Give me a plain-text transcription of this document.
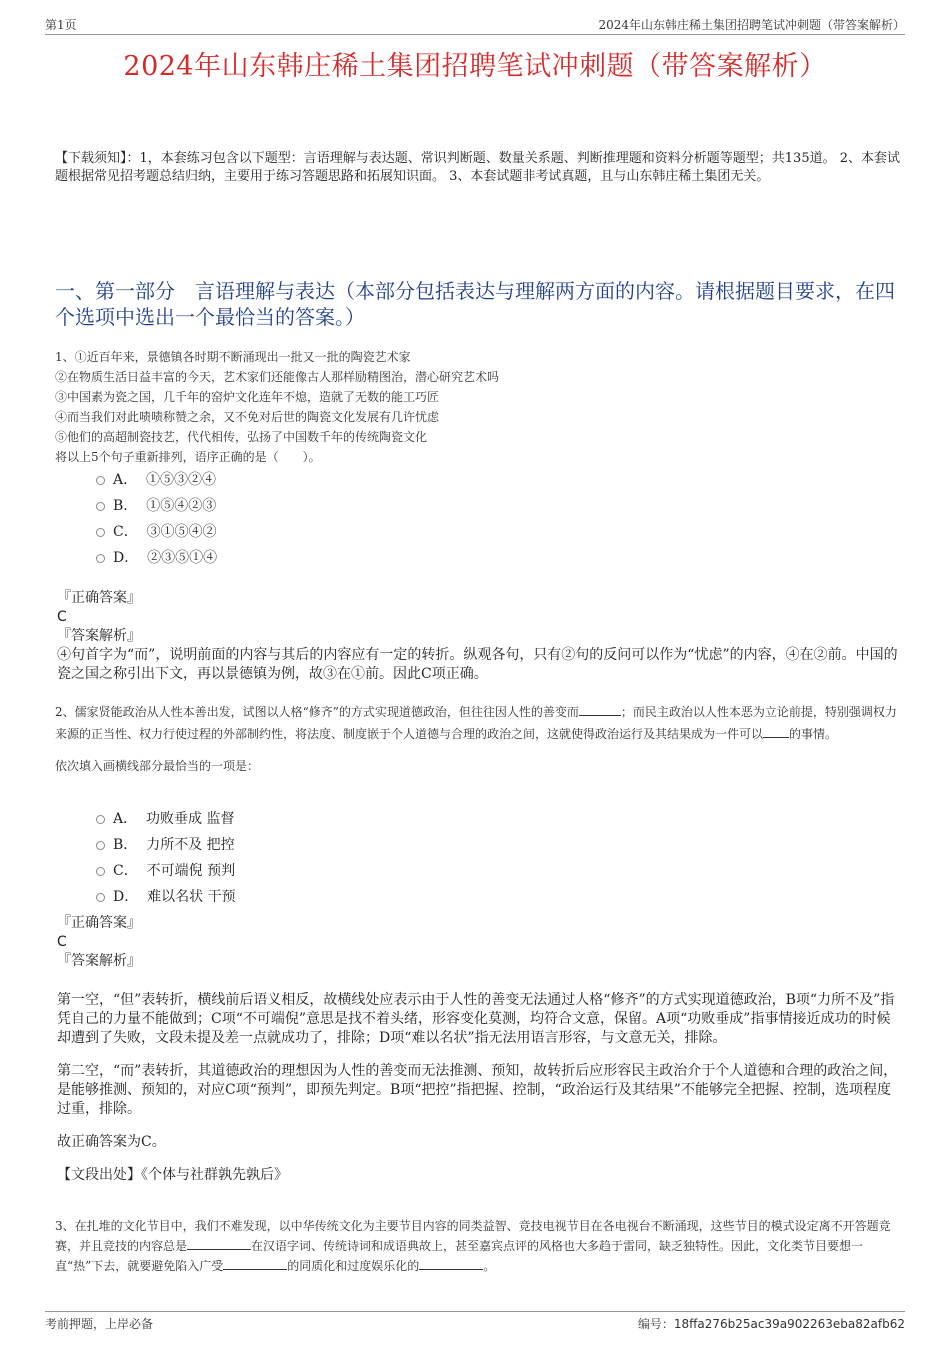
第1页	2024年山东韩庄稀土集团招聘笔试冲刺题（带答案解析）
2024年山东韩庄稀土集团招聘笔试冲刺题（带答案解析）
【下载须知】：1，本套练习包含以下题型：言语理解与表达题、常识判断题、数量关系题、判断推理题和资料分析题等题型；共135道。 2、本套试题根据常见招考题总结归纳，主要用于练习答题思路和拓展知识面。 3、本套试题非考试真题，且与山东韩庄稀土集团无关。
一、第一部分　言语理解与表达（本部分包括表达与理解两方面的内容。请根据题目要求，在四个选项中选出一个最恰当的答案。）

1、①近百年来，景德镇各时期不断涌现出一批又一批的陶瓷艺术家

②在物质生活日益丰富的今天，艺术家们还能像古人那样励精图治，潜心研究艺术吗

③中国素为瓷之国，几千年的窑炉文化连年不熄，造就了无数的能工巧匠

④而当我们对此啧啧称赞之余，又不免对后世的陶瓷文化发展有几许忧虑

⑤他们的高超制瓷技艺，代代相传，弘扬了中国数千年的传统陶瓷文化

将以上5个句子重新排列，语序正确的是（　　）。

A． ①⑤③②④
B． ①⑤④②③
C． ③①⑤④②
D． ②③⑤①④

『正确答案』

C

『答案解析』

④句首字为“而”，说明前面的内容与其后的内容应有一定的转折。纵观各句，只有②句的反问可以作为“忧虑”的内容，④在②前。中国的瓷之国之称引出下文，再以景德镇为例，故③在①前。因此C项正确。

2、儒家贤能政治从人性本善出发，试图以人格“修齐”的方式实现道德政治，但往往因人性的善变而	；而民主政治以人性本恶为立论前提，特别强调权力来源的正当性、权力行使过程的外部制约性，将法度、制度嵌于个人道德与合理的政治之间，这就使得政治运行及其结果成为一件可以 的事情。

依次填入画横线部分最恰当的一项是：

A． 功败垂成 监督
B． 力所不及 把控
C． 不可端倪 预判
D． 难以名状 干预

『正确答案』

C

『答案解析』

第一空，“但”表转折，横线前后语义相反，故横线处应表示由于人性的善变无法通过人格“修齐”的方式实现道德政治，B项“力所不及”指凭自己的力量不能做到；C项“不可端倪”意思是找不着头绪，形容变化莫测，均符合文意，保留。A项“功败垂成”指事情接近成功的时候却遭到了失败，文段未提及差一点就成功了，排除；D项“难以名状”指无法用语言形容，与文意无关，排除。

第二空，“而”表转折，其道德政治的理想因为人性的善变而无法推测、预知，故转折后应形容民主政治介于个人道德和合理的政治之间，是能够推测、预知的，对应C项“预判”，即预先判定。B项“把控”指把握、控制，“政治运行及其结果”不能够完全把握、控制，选项程度过重，排除。

故正确答案为C。

【文段出处】《个体与社群孰先孰后》

3、在扎堆的文化节目中，我们不难发现，以中华传统文化为主要节目内容的同类益智、竞技电视节目在各电视台不断涌现，这些节目的模式设定离不开答题竞赛，并且竞技的内容总是	在汉语字词、传统诗词和成语典故上，甚至嘉宾点评的风格也大多趋于雷同，缺乏独特性。因此，文化类节目要想一直“热”下去，就要避免陷入广受	的同质化和过度娱乐化的	。

考前押题，上岸必备	编号：18ffa276b25ac39a902263eba82afb62
